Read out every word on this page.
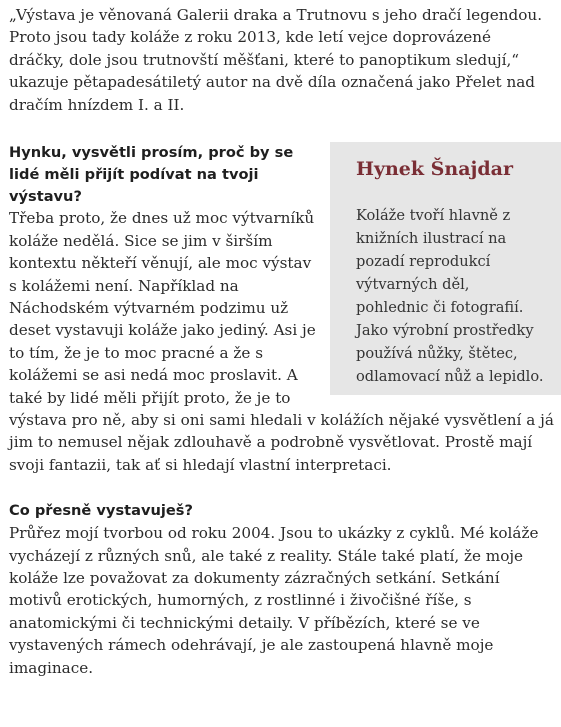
„Výstava je věnovaná Galerii draka a Trutnovu s jeho dračí legendou. Proto jsou tady koláže z roku 2013, kde letí vejce doprovázené dráčky, dole jsou trutnovští měšťani, které to panoptikum sledují,“ ukazuje pětapadesátiletý autor na dvě díla označená jako Přelet nad dračím hnízdem I. a II.

Hynek Šnajdar

Koláže tvoří hlavně z knižních ilustrací na pozadí reprodukcí výtvarných děl, pohlednic či fotografií. Jako výrobní prostředky používá nůžky, štětec, odlamovací nůž a lepidlo.

Hynku, vysvětli prosím, proč by se lidé měli přijít podívat na tvoji výstavu?

Třeba proto, že dnes už moc výtvarníků koláže nedělá. Sice se jim v širším kontextu někteří věnují, ale moc výstav s kolážemi není. Například na Náchodském výtvarném podzimu už deset vystavuji koláže jako jediný. Asi je to tím, že je to moc pracné a že s kolážemi se asi nedá moc proslavit. A také by lidé měli přijít proto, že je to výstava pro ně, aby si oni sami hledali v kolážích nějaké vysvětlení a já jim to nemusel nějak zdlouhavě a podrobně vysvětlovat. Prostě mají svoji fantazii, tak ať si hledají vlastní interpretaci.

Co přesně vystavuješ?

Průřez mojí tvorbou od roku 2004. Jsou to ukázky z cyklů. Mé koláže vycházejí z různých snů, ale také z reality. Stále také platí, že moje koláže lze považovat za dokumenty zázračných setkání. Setkání motivů erotických, humorných, z rostlinné i živočišné říše, s anatomickými či technickými detaily. V příbězích, které se ve vystavených rámech odehrávají, je ale zastoupená hlavně moje imaginace.
